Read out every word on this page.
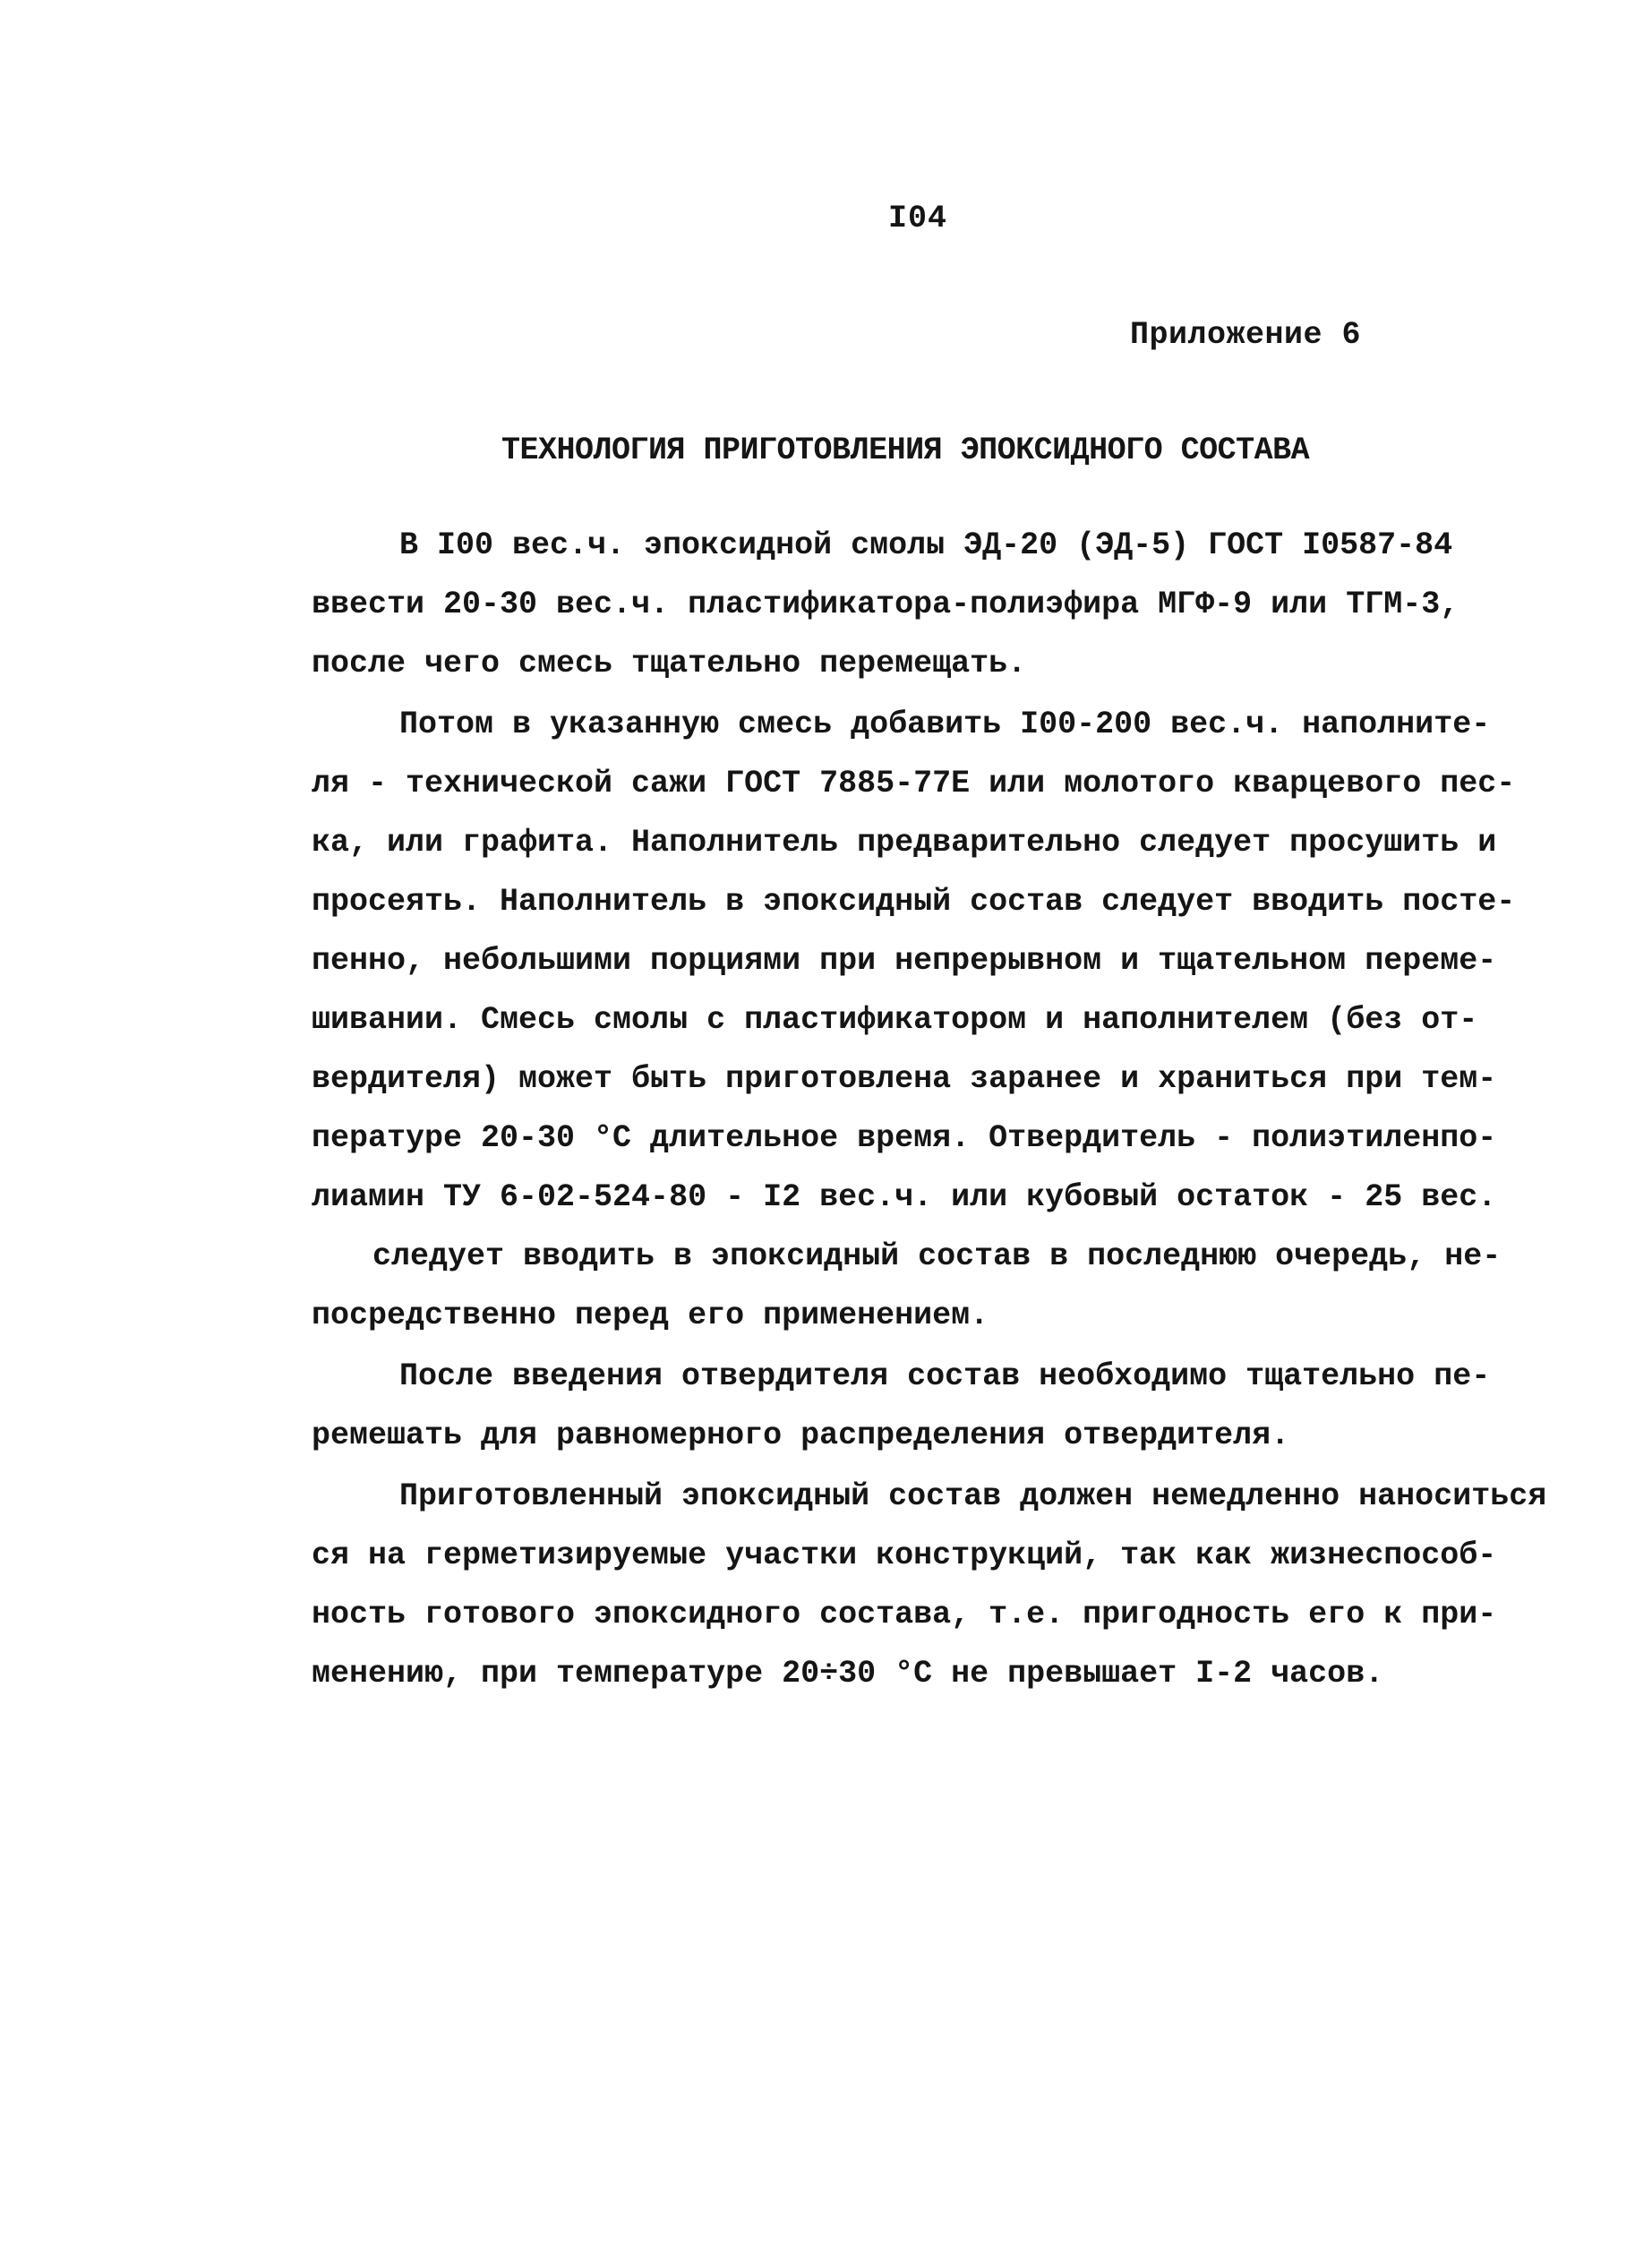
I04
Приложение 6
ТЕХНОЛОГИЯ ПРИГОТОВЛЕНИЯ ЭПОКСИДНОГО СОСТАВА
В I00 вес.ч. эпоксидной смолы ЭД-20 (ЭД-5) ГОСТ I0587-84
ввести 20-30 вес.ч. пластификатора-полиэфира МГФ-9 или ТГМ-3,
после чего смесь тщательно перемещать.
Потом в указанную смесь добавить I00-200 вес.ч. наполните-
ля - технической сажи ГОСТ 7885-77Е или молотого кварцевого пес-
ка, или графита. Наполнитель предварительно следует просушить и
просеять. Наполнитель в эпоксидный состав следует вводить посте-
пенно, небольшими порциями при непрерывном и тщательном переме-
шивании. Смесь смолы с пластификатором и наполнителем (без от-
вердителя) может быть приготовлена заранее и храниться при тем-
пературе 20-30 °С длительное время. Отвердитель - полиэтиленпо-
лиамин ТУ 6-02-524-80 - I2 вес.ч. или кубовый остаток - 25 вес.
следует вводить в эпоксидный состав в последнюю очередь, не-
посредственно перед его применением.
После введения отвердителя состав необходимо тщательно пе-
ремешать для равномерного распределения отвердителя.
Приготовленный эпоксидный состав должен немедленно наноситься
ся на герметизируемые участки конструкций, так как жизнеспособ-
ность готового эпоксидного состава, т.е. пригодность его к при-
менению, при температуре 20÷30 °С не превышает I-2 часов.
